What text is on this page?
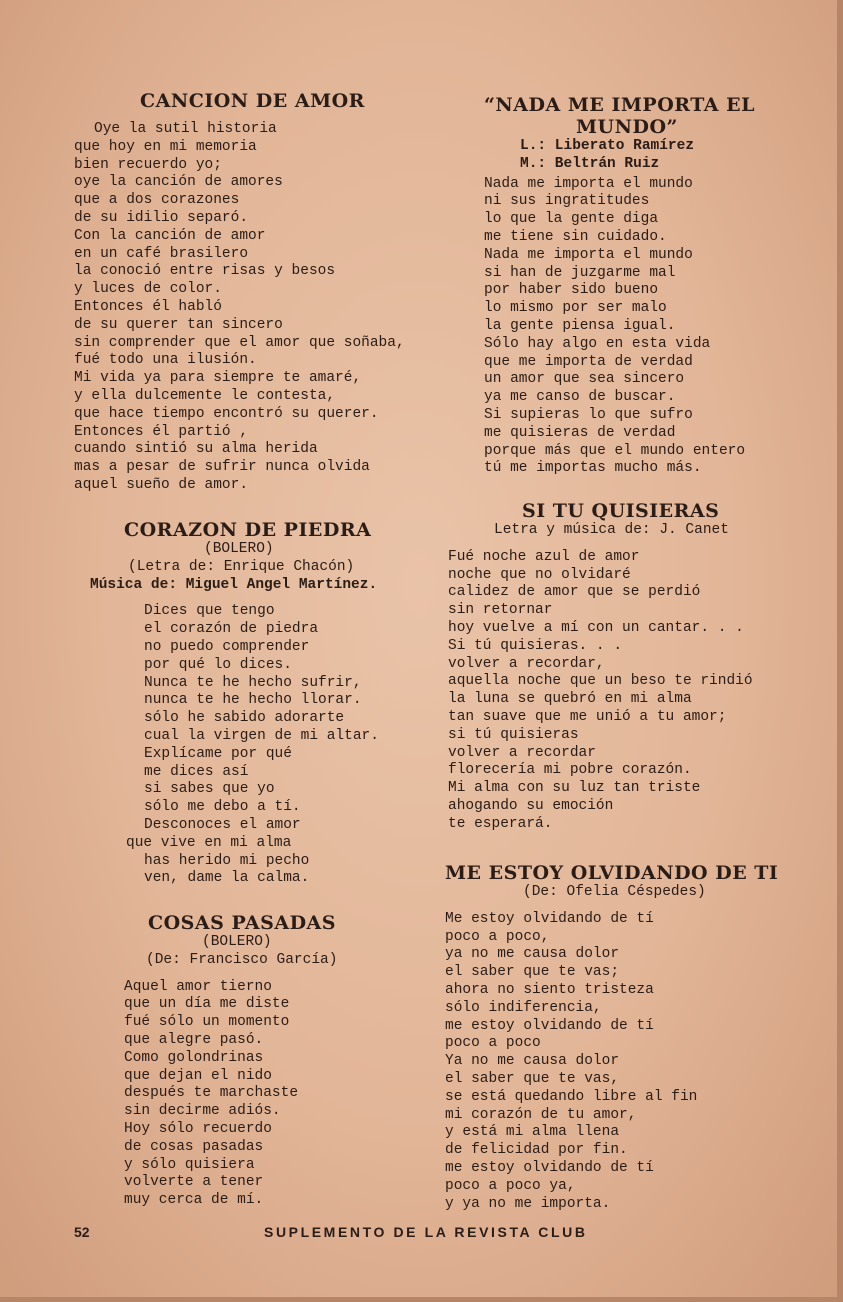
CANCION DE AMOR
Oye la sutil historia
que hoy en mi memoria
bien recuerdo yo;
oye la canción de amores
que a dos corazones
de su idilio separó.
Con la canción de amor
en un café brasilero
la conoció entre risas y besos
y luces de color.
Entonces él habló
de su querer tan sincero
sin comprender que el amor que soñaba,
fué todo una ilusión.
Mi vida ya para siempre te amaré,
y ella dulcemente le contesta,
que hace tiempo encontró su querer.
Entonces él partió ,
cuando sintió su alma herida
mas a pesar de sufrir nunca olvida
aquel sueño de amor.
CORAZON DE PIEDRA
(BOLERO)
(Letra de: Enrique Chacón)
Música de: Miguel Angel Martínez.
Dices que tengo
el corazón de piedra
no puedo comprender
por qué lo dices.
Nunca te he hecho sufrir,
nunca te he hecho llorar.
sólo he sabido adorarte
cual la virgen de mi altar.
Explícame por qué
me dices así
si sabes que yo
sólo me debo a tí.
Desconoces el amor
que vive en mi alma
has herido mi pecho
ven, dame la calma.
COSAS PASADAS
(BOLERO)
(De: Francisco García)
Aquel amor tierno
que un día me diste
fué sólo un momento
que alegre pasó.
Como golondrinas
que dejan el nido
después te marchaste
sin decirme adiós.
Hoy sólo recuerdo
de cosas pasadas
y sólo quisiera
volverte a tener
muy cerca de mí.
“NADA ME IMPORTA EL
MUNDO”
L.: Liberato Ramírez
M.: Beltrán Ruiz
Nada me importa el mundo
ni sus ingratitudes
lo que la gente diga
me tiene sin cuidado.
Nada me importa el mundo
si han de juzgarme mal
por haber sido bueno
lo mismo por ser malo
la gente piensa igual.
Sólo hay algo en esta vida
que me importa de verdad
un amor que sea sincero
ya me canso de buscar.
Si supieras lo que sufro
me quisieras de verdad
porque más que el mundo entero
tú me importas mucho más.
SI TU QUISIERAS
Letra y música de: J. Canet
Fué noche azul de amor
noche que no olvidaré
calidez de amor que se perdió
sin retornar
hoy vuelve a mí con un cantar. . .
Si tú quisieras. . .
volver a recordar,
aquella noche que un beso te rindió
la luna se quebró en mi alma
tan suave que me unió a tu amor;
si tú quisieras
volver a recordar
florecería mi pobre corazón.
Mi alma con su luz tan triste
ahogando su emoción
te esperará.
ME ESTOY OLVIDANDO DE TI
(De: Ofelia Céspedes)
Me estoy olvidando de tí
poco a poco,
ya no me causa dolor
el saber que te vas;
ahora no siento tristeza
sólo indiferencia,
me estoy olvidando de tí
poco a poco
Ya no me causa dolor
el saber que te vas,
se está quedando libre al fin
mi corazón de tu amor,
y está mi alma llena
de felicidad por fin.
me estoy olvidando de tí
poco a poco ya,
y ya no me importa.
52	SUPLEMENTO DE LA REVISTA CLUB
